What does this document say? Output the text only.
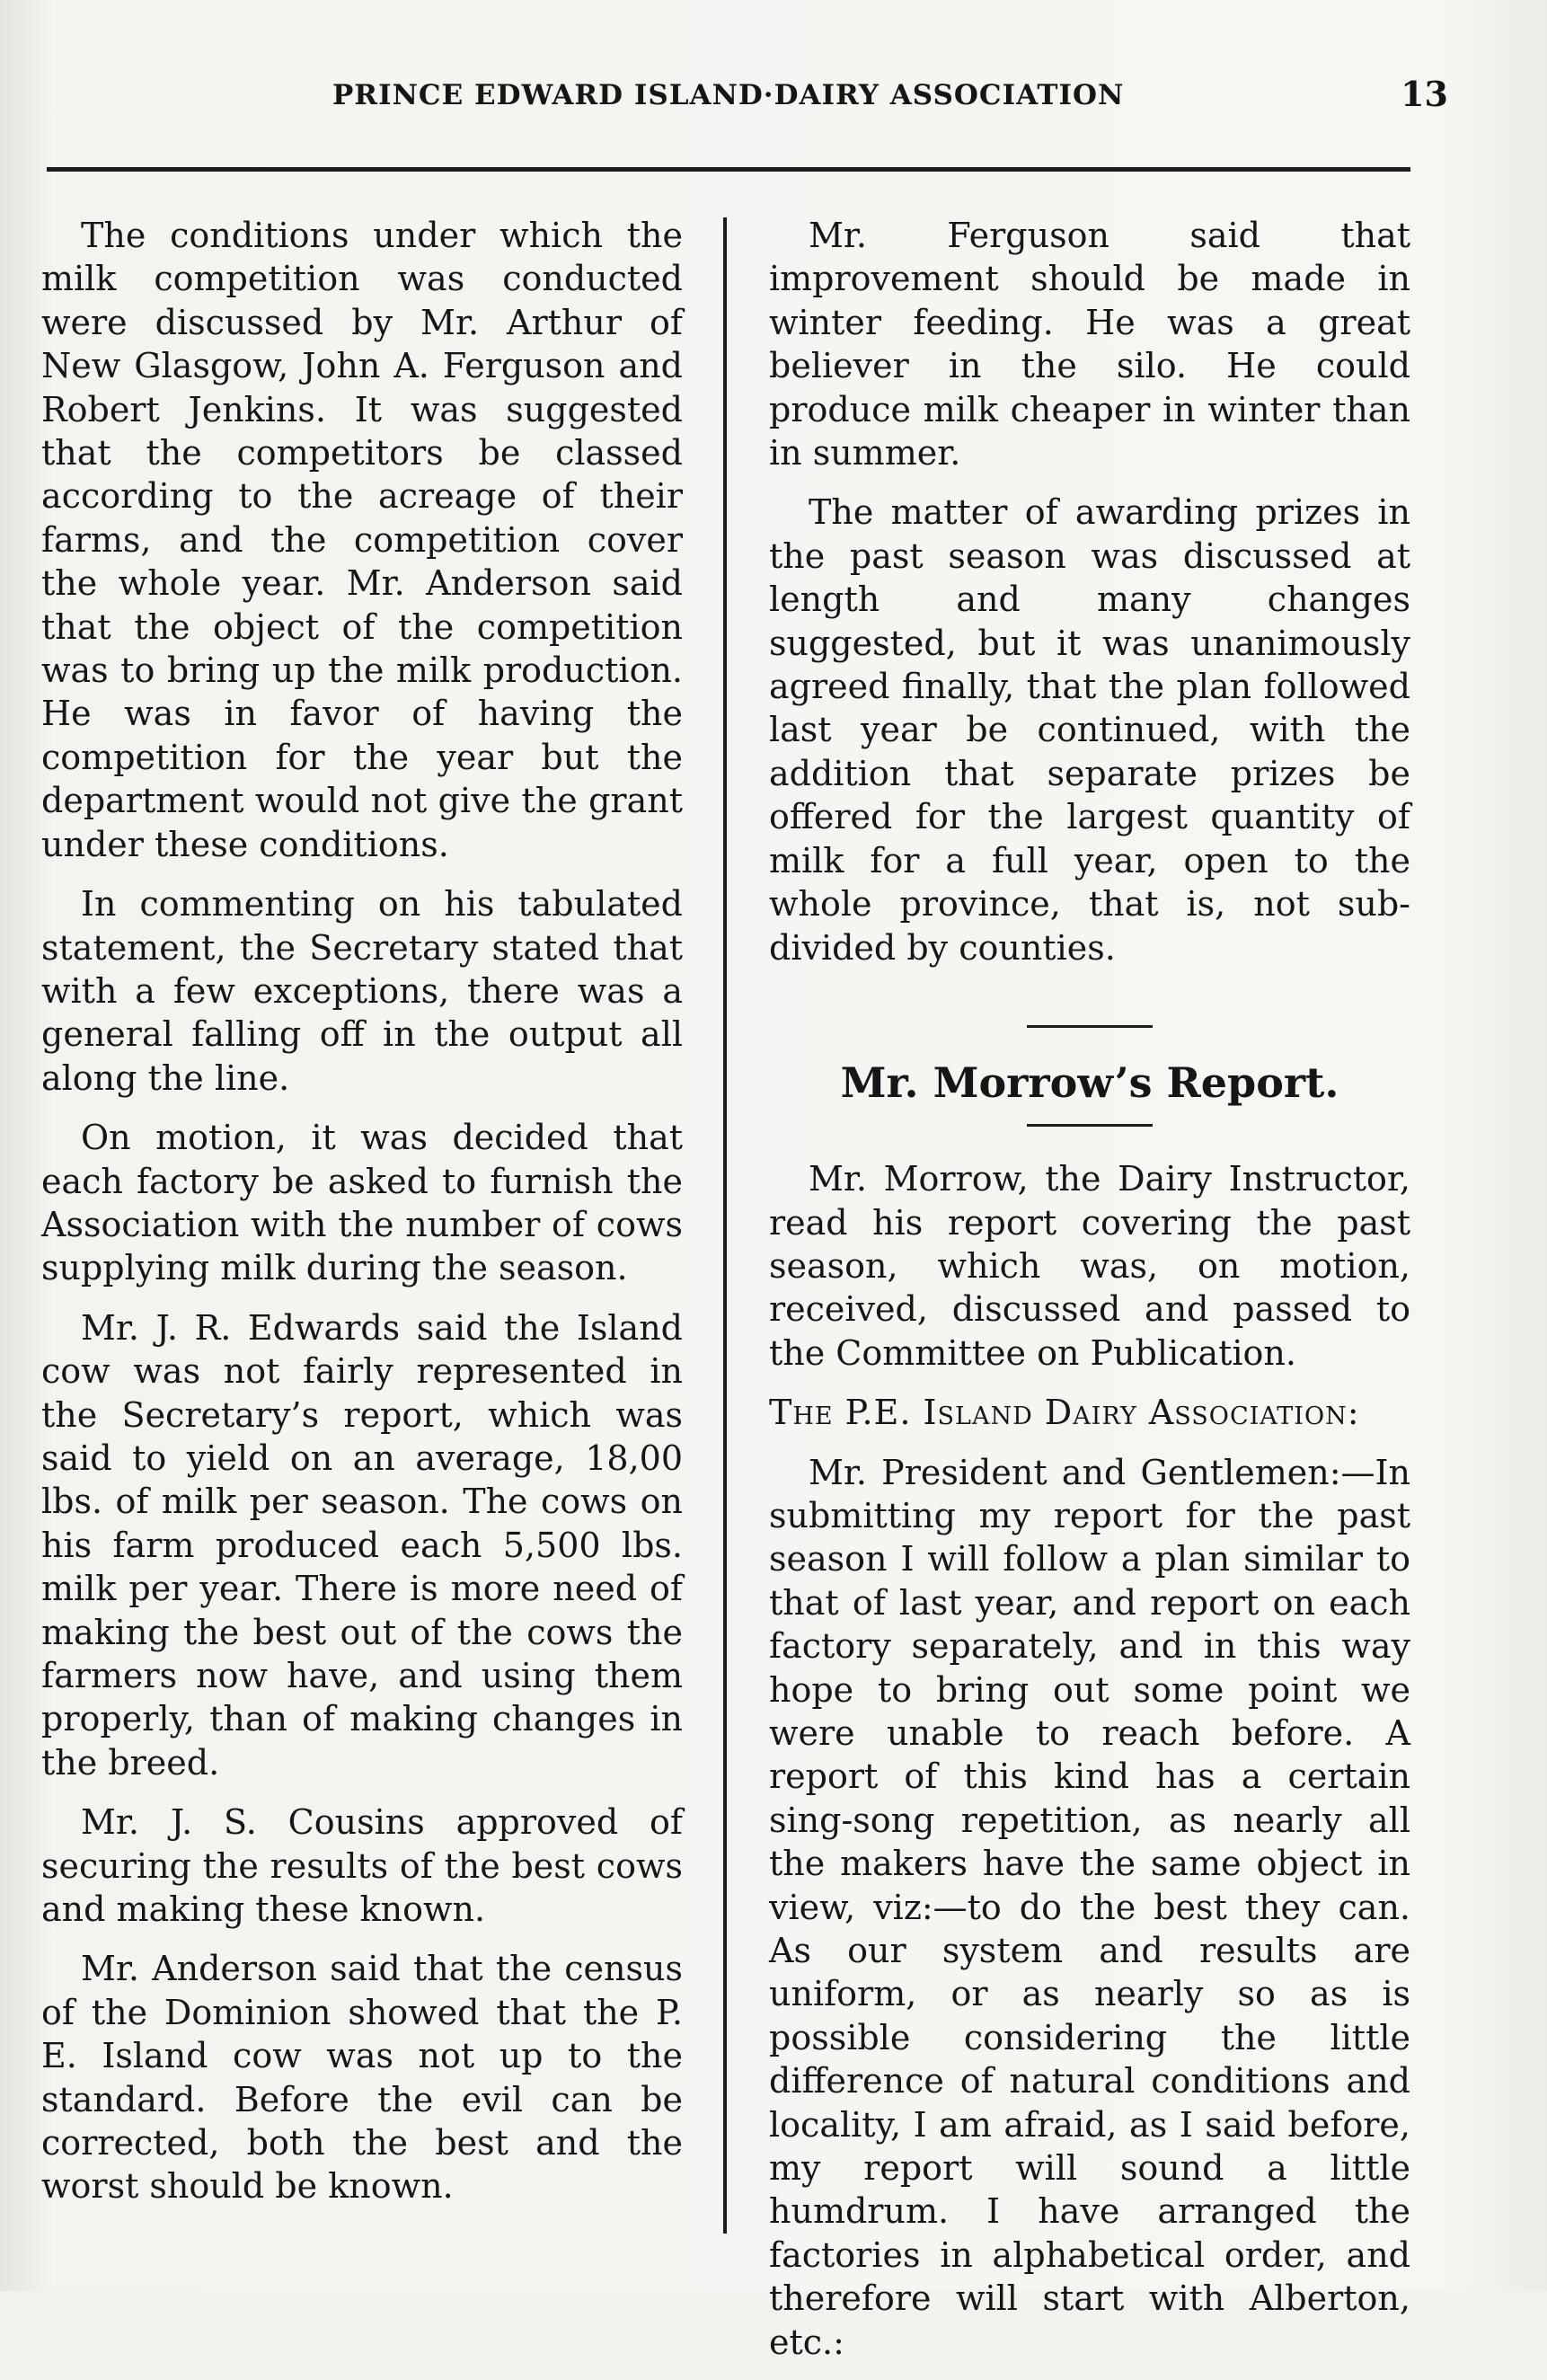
PRINCE EDWARD ISLAND·DAIRY ASSOCIATION	13

The conditions under which the milk competition was conducted were discussed by Mr. Arthur of New Glasgow, John A. Ferguson and Robert Jenkins. It was suggested that the competitors be classed according to the acreage of their farms, and the competition cover the whole year. Mr. Anderson said that the object of the competition was to bring up the milk production. He was in favor of having the competition for the year but the department would not give the grant under these conditions.

In commenting on his tabulated statement, the Secretary stated that with a few exceptions, there was a general falling off in the output all along the line.

On motion, it was decided that each factory be asked to furnish the Association with the number of cows supplying milk during the season.

Mr. J. R. Edwards said the Island cow was not fairly represented in the Secretary’s report, which was said to yield on an average, 18,00 lbs. of milk per season. The cows on his farm produced each 5,500 lbs. milk per year. There is more need of making the best out of the cows the farmers now have, and using them properly, than of making changes in the breed.

Mr. J. S. Cousins approved of securing the results of the best cows and making these known.

Mr. Anderson said that the census of the Dominion showed that the P. E. Island cow was not up to the standard. Before the evil can be corrected, both the best and the worst should be known.

Mr. Ferguson said that improvement should be made in winter feeding. He was a great believer in the silo. He could produce milk cheaper in winter than in summer.

The matter of awarding prizes in the past season was discussed at length and many changes suggested, but it was unanimously agreed finally, that the plan followed last year be continued, with the addition that separate prizes be offered for the largest quantity of milk for a full year, open to the whole province, that is, not sub-divided by counties.

Mr. Morrow’s Report.

Mr. Morrow, the Dairy Instructor, read his report covering the past season, which was, on motion, received, discussed and passed to the Committee on Publication.

The P.E. Island Dairy Association:

Mr. President and Gentlemen:—In submitting my report for the past season I will follow a plan similar to that of last year, and report on each factory separately, and in this way hope to bring out some point we were unable to reach before. A report of this kind has a certain sing-song repetition, as nearly all the makers have the same object in view, viz:—to do the best they can. As our system and results are uniform, or as nearly so as is possible considering the little difference of natural conditions and locality, I am afraid, as I said before, my report will sound a little humdrum. I have arranged the factories in alphabetical order, and therefore will start with Alberton, etc.:
